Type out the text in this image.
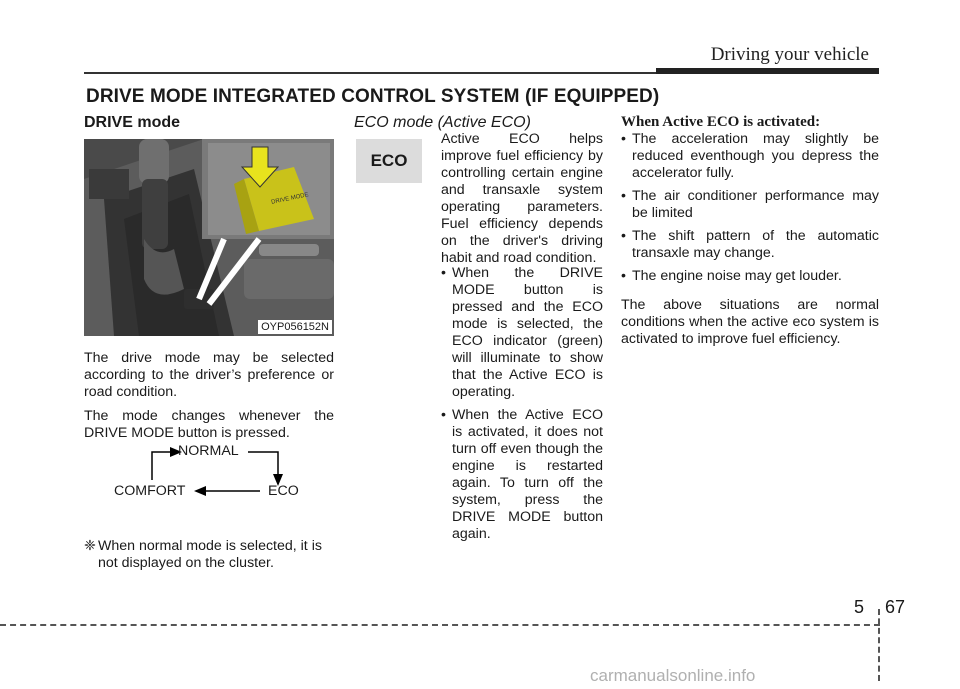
Driving your vehicle
DRIVE MODE INTEGRATED CONTROL SYSTEM (IF EQUIPPED)
DRIVE mode
DRIVE MODE
OYP056152N

The drive mode may be selected according to the driver’s preference or road condition.

The mode changes whenever the DRIVE MODE button is pressed.

NORMAL
COMFORT	ECO
❈ When normal mode is selected, it is not displayed on the cluster.
ECO mode (Active ECO)
ECO
Active ECO helps improve fuel efficiency by controlling certain engine and transaxle system operating parameters. Fuel efficiency depends on the driver's driving habit and road condition.
• When the DRIVE MODE button is pressed and the ECO mode is selected, the ECO indicator (green) will illuminate to show that the Active ECO is operating.
• When the Active ECO is activated, it does not turn off even though the engine is restarted again. To turn off the system, press the DRIVE MODE button again.
When Active ECO is activated:
• The acceleration may slightly be reduced eventhough you depress the accelerator fully.
• The air conditioner performance may be limited
• The shift pattern of the automatic transaxle may change.
• The engine noise may get louder.
The above situations are normal conditions when the active eco system is activated to improve fuel efficiency.
5 67
carmanualsonline.info
